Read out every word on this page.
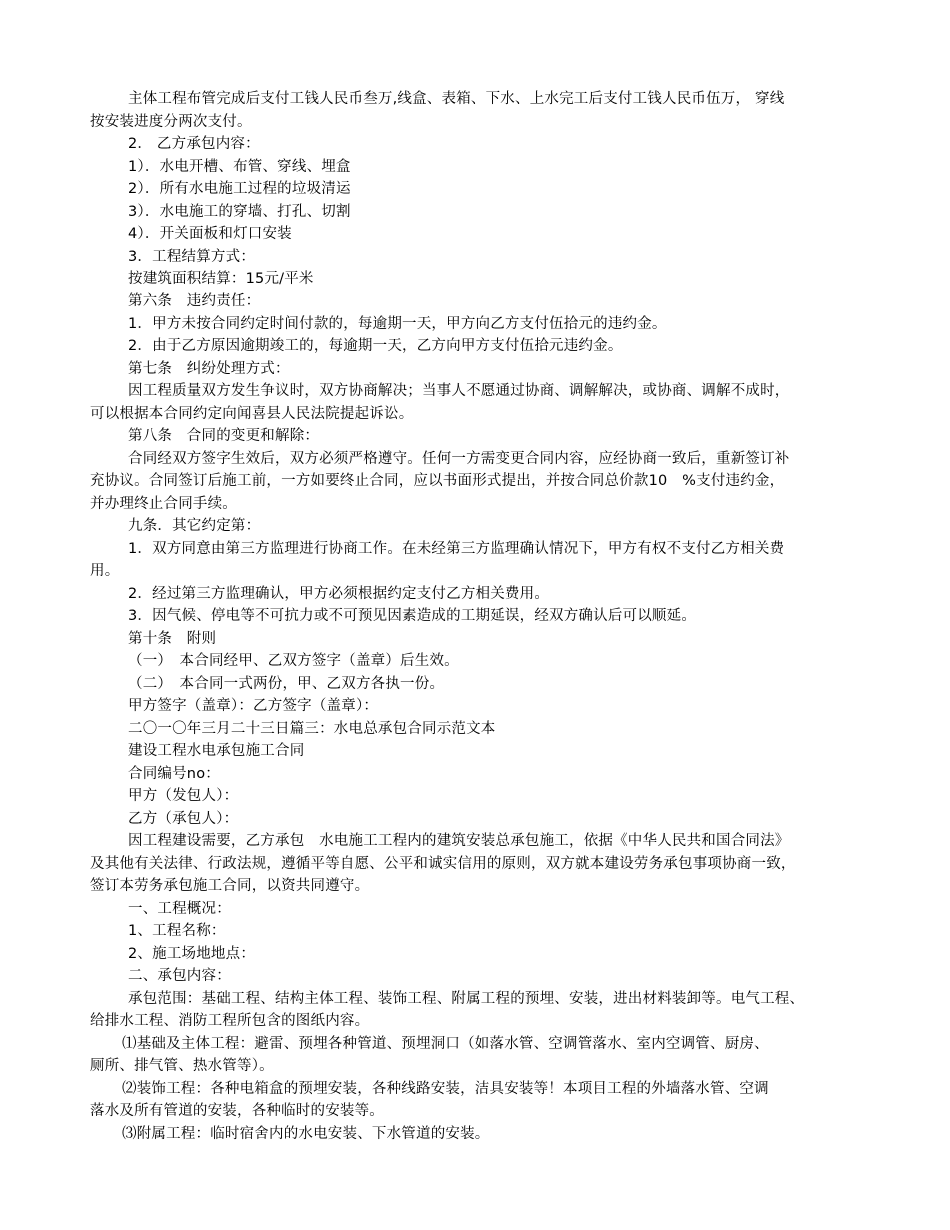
主体工程布管完成后支付工钱人民币叁万,线盒、表箱、下水、上水完工后支付工钱人民币伍万， 穿线
按安装进度分两次支付。
2． 乙方承包内容：
1）．水电开槽、布管、穿线、埋盒
2）．所有水电施工过程的垃圾清运
3）．水电施工的穿墙、打孔、切割
4）．开关面板和灯口安装
3．工程结算方式：
按建筑面积结算：15元/平米
第六条　违约责任：
1．甲方未按合同约定时间付款的，每逾期一天，甲方向乙方支付伍拾元的违约金。
2．由于乙方原因逾期竣工的，每逾期一天，乙方向甲方支付伍拾元违约金。
第七条　纠纷处理方式：
因工程质量双方发生争议时，双方协商解决；当事人不愿通过协商、调解解决，或协商、调解不成时，
可以根据本合同约定向闻喜县人民法院提起诉讼。
第八条　合同的变更和解除：
合同经双方签字生效后，双方必须严格遵守。任何一方需变更合同内容，应经协商一致后，重新签订补
充协议。合同签订后施工前，一方如要终止合同，应以书面形式提出，并按合同总价款10　%支付违约金，
并办理终止合同手续。
九条．其它约定第：
1．双方同意由第三方监理进行协商工作。在未经第三方监理确认情况下，甲方有权不支付乙方相关费
用。
2．经过第三方监理确认，甲方必须根据约定支付乙方相关费用。
3．因气候、停电等不可抗力或不可预见因素造成的工期延误，经双方确认后可以顺延。
第十条　附则
（一）　本合同经甲、乙双方签字（盖章）后生效。
（二）　本合同一式两份，甲、乙双方各执一份。
甲方签字（盖章）：乙方签字（盖章）：
二〇一〇年三月二十三日篇三：水电总承包合同示范文本
建设工程水电承包施工合同
合同编号no：
甲方（发包人）：
乙方（承包人）：
因工程建设需要，乙方承包　水电施工工程内的建筑安装总承包施工，依据《中华人民共和国合同法》
及其他有关法律、行政法规，遵循平等自愿、公平和诚实信用的原则，双方就本建设劳务承包事项协商一致，
签订本劳务承包施工合同，以资共同遵守。
一、工程概况：
1、工程名称：
2、施工场地地点：
二、承包内容：
承包范围：基础工程、结构主体工程、装饰工程、附属工程的预埋、安装，进出材料装卸等。电气工程、
给排水工程、消防工程所包含的图纸内容。
⑴基础及主体工程：避雷、预埋各种管道、预埋洞口（如落水管、空调管落水、室内空调管、厨房、
厕所、排气管、热水管等）。
⑵装饰工程：各种电箱盒的预埋安装，各种线路安装，洁具安装等！本项目工程的外墙落水管、空调
落水及所有管道的安装，各种临时的安装等。
⑶附属工程：临时宿舍内的水电安装、下水管道的安装。
